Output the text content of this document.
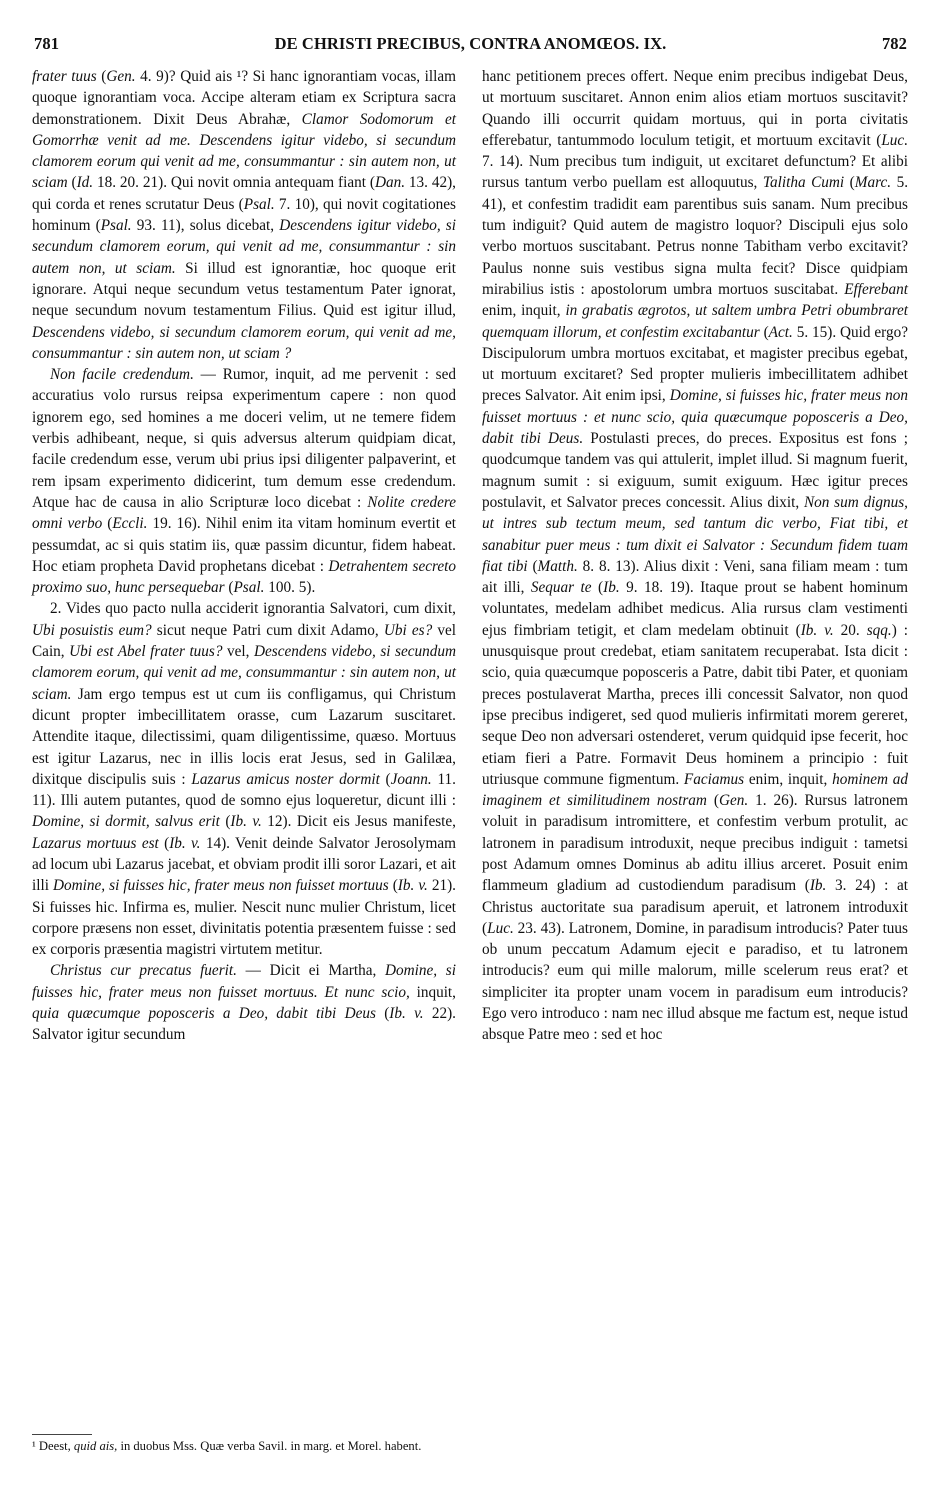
781	DE CHRISTI PRECIBUS, CONTRA ANOMŒOS. IX.	782

frater tuus (Gen. 4. 9)? Quid ais ¹? Si hanc ignorantiam vocas, illam quoque ignorantiam voca. Accipe alteram etiam ex Scriptura sacra demonstrationem. Dixit Deus Abrahæ, Clamor Sodomorum et Gomorrhæ venit ad me. Descendens igitur videbo, si secundum clamorem eorum qui venit ad me, consummantur : sin autem non, ut sciam (Id. 18. 20. 21). Qui novit omnia antequam fiant (Dan. 13. 42), qui corda et renes scrutatur Deus (Psal. 7. 10), qui novit cogitationes hominum (Psal. 93. 11), solus dicebat, Descendens igitur videbo, si secundum clamorem eorum, qui venit ad me, consummantur : sin autem non, ut sciam. Si illud est ignorantiæ, hoc quoque erit ignorare. Atqui neque secundum vetus testamentum Pater ignorat, neque secundum novum testamentum Filius. Quid est igitur illud, Descendens videbo, si secundum clamorem eorum, qui venit ad me, consummantur : sin autem non, ut sciam ?

Non facile credendum. — Rumor, inquit, ad me pervenit : sed accuratius volo rursus reipsa experimentum capere : non quod ignorem ego, sed homines a me doceri velim, ut ne temere fidem verbis adhibeant, neque, si quis adversus alterum quidpiam dicat, facile credendum esse, verum ubi prius ipsi diligenter palpaverint, et rem ipsam experimento didicerint, tum demum esse credendum. Atque hac de causa in alio Scripturæ loco dicebat : Nolite credere omni verbo (Eccli. 19. 16). Nihil enim ita vitam hominum evertit et pessumdat, ac si quis statim iis, quæ passim dicuntur, fidem habeat. Hoc etiam propheta David prophetans dicebat : Detrahentem secreto proximo suo, hunc persequebar (Psal. 100. 5).

2. Vides quo pacto nulla acciderit ignorantia Salvatori, cum dixit, Ubi posuistis eum? sicut neque Patri cum dixit Adamo, Ubi es? vel Cain, Ubi est Abel frater tuus? vel, Descendens videbo, si secundum clamorem eorum, qui venit ad me, consummantur : sin autem non, ut sciam. Jam ergo tempus est ut cum iis confligamus, qui Christum dicunt propter imbecillitatem orasse, cum Lazarum suscitaret. Attendite itaque, dilectissimi, quam diligentissime, quæso. Mortuus est igitur Lazarus, nec in illis locis erat Jesus, sed in Galilæa, dixitque discipulis suis : Lazarus amicus noster dormit (Joann. 11. 11). Illi autem putantes, quod de somno ejus loqueretur, dicunt illi : Domine, si dormit, salvus erit (Ib. v. 12). Dicit eis Jesus manifeste, Lazarus mortuus est (Ib. v. 14). Venit deinde Salvator Jerosolymam ad locum ubi Lazarus jacebat, et obviam prodit illi soror Lazari, et ait illi Domine, si fuisses hic, frater meus non fuisset mortuus (Ib. v. 21). Si fuisses hic. Infirma es, mulier. Nescit nunc mulier Christum, licet corpore præsens non esset, divinitatis potentia præsentem fuisse : sed ex corporis præsentia magistri virtutem metitur.

Christus cur precatus fuerit. — Dicit ei Martha, Domine, si fuisses hic, frater meus non fuisset mortuus. Et nunc scio, inquit, quia quæcumque poposceris a Deo, dabit tibi Deus (Ib. v. 22). Salvator igitur secundum

hanc petitionem preces offert. Neque enim precibus indigebat Deus, ut mortuum suscitaret. Annon enim alios etiam mortuos suscitavit? Quando illi occurrit quidam mortuus, qui in porta civitatis efferebatur, tantummodo loculum tetigit, et mortuum excitavit (Luc. 7. 14). Num precibus tum indiguit, ut excitaret defunctum? Et alibi rursus tantum verbo puellam est alloquutus, Talitha Cumi (Marc. 5. 41), et confestim tradidit eam parentibus suis sanam. Num precibus tum indiguit? Quid autem de magistro loquor? Discipuli ejus solo verbo mortuos suscitabant. Petrus nonne Tabitham verbo excitavit? Paulus nonne suis vestibus signa multa fecit? Disce quidpiam mirabilius istis : apostolorum umbra mortuos suscitabat. Efferebant enim, inquit, in grabatis ægrotos, ut saltem umbra Petri obumbraret quemquam illorum, et confestim excitabantur (Act. 5. 15). Quid ergo? Discipulorum umbra mortuos excitabat, et magister precibus egebat, ut mortuum excitaret? Sed propter mulieris imbecillitatem adhibet preces Salvator. Ait enim ipsi, Domine, si fuisses hic, frater meus non fuisset mortuus : et nunc scio, quia quæcumque poposceris a Deo, dabit tibi Deus. Postulasti preces, do preces. Expositus est fons ; quodcumque tandem vas qui attulerit, implet illud. Si magnum fuerit, magnum sumit : si exiguum, sumit exiguum. Hæc igitur preces postulavit, et Salvator preces concessit. Alius dixit, Non sum dignus, ut intres sub tectum meum, sed tantum dic verbo, Fiat tibi, et sanabitur puer meus : tum dixit ei Salvator : Secundum fidem tuam fiat tibi (Matth. 8. 8. 13). Alius dixit : Veni, sana filiam meam : tum ait illi, Sequar te (Ib. 9. 18. 19). Itaque prout se habent hominum voluntates, medelam adhibet medicus. Alia rursus clam vestimenti ejus fimbriam tetigit, et clam medelam obtinuit (Ib. v. 20. sqq.) : unusquisque prout credebat, etiam sanitatem recuperabat. Ista dicit : scio, quia quæcumque poposceris a Patre, dabit tibi Pater, et quoniam preces postulaverat Martha, preces illi concessit Salvator, non quod ipse precibus indigeret, sed quod mulieris infirmitati morem gereret, seque Deo non adversari ostenderet, verum quidquid ipse fecerit, hoc etiam fieri a Patre. Formavit Deus hominem a principio : fuit utriusque commune figmentum. Faciamus enim, inquit, hominem ad imaginem et similitudinem nostram (Gen. 1. 26). Rursus latronem voluit in paradisum intromittere, et confestim verbum protulit, ac latronem in paradisum introduxit, neque precibus indiguit : tametsi post Adamum omnes Dominus ab aditu illius arceret. Posuit enim flammeum gladium ad custodiendum paradisum (Ib. 3. 24) : at Christus auctoritate sua paradisum aperuit, et latronem introduxit (Luc. 23. 43). Latronem, Domine, in paradisum introducis? Pater tuus ob unum peccatum Adamum ejecit e paradiso, et tu latronem introducis? eum qui mille malorum, mille scelerum reus erat? et simpliciter ita propter unam vocem in paradisum eum introducis? Ego vero introduco : nam nec illud absque me factum est, neque istud absque Patre meo : sed et hoc

¹ Deest, quid ais, in duobus Mss. Quæ verba Savil. in marg. et Morel. habent.
